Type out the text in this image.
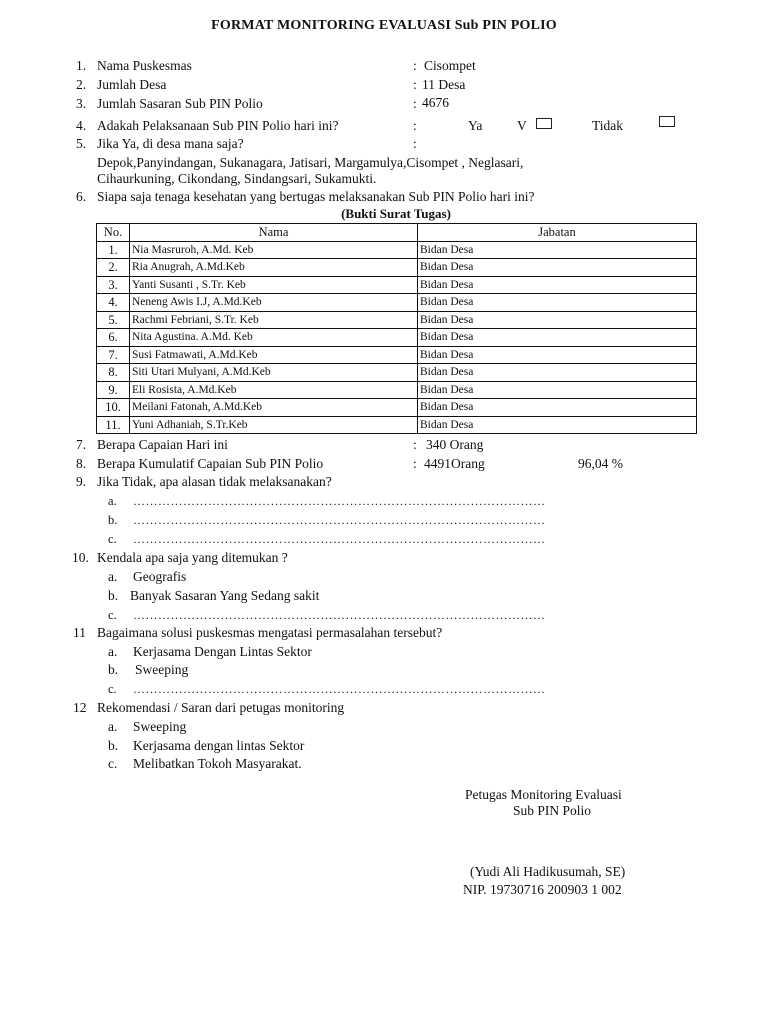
FORMAT MONITORING EVALUASI Sub PIN POLIO
1. Nama Puskesmas	: Cisompet
2. Jumlah Desa	: 11 Desa
3. Jumlah Sasaran Sub PIN Polio	: 4676
4. Adakah Pelaksanaan Sub PIN Polio hari ini?	:	Ya	V	Tidak
5. Jika Ya, di desa mana saja?	:
Depok,Panyindangan, Sukanagara, Jatisari, Margamulya,Cisompet , Neglasari,
Cihaurkuning, Cikondang, Sindangsari, Sukamukti.
6. Siapa saja tenaga kesehatan yang bertugas melaksanakan Sub PIN Polio hari ini?
(Bukti Surat Tugas)
No.	Nama	Jabatan
1.	Nia Masruroh, A.Md. Keb	Bidan Desa
2.	Ria Anugrah, A.Md.Keb	Bidan Desa
3.	Yanti Susanti , S.Tr. Keb	Bidan Desa
4.	Neneng Awis I.J, A.Md.Keb	Bidan Desa
5.	Rachmi Febriani, S.Tr. Keb	Bidan Desa
6.	Nita Agustina. A.Md. Keb	Bidan Desa
7.	Susi Fatmawati, A.Md.Keb	Bidan Desa
8.	Siti Utari Mulyani, A.Md.Keb	Bidan Desa
9.	Eli Rosista, A.Md.Keb	Bidan Desa
10.	Meilani Fatonah, A.Md.Keb	Bidan Desa
11.	Yuni Adhaniah, S.Tr.Keb	Bidan Desa
7. Berapa Capaian Hari ini	: 340 Orang
8. Berapa Kumulatif Capaian Sub PIN Polio	: 4491Orang	96,04 %
9. Jika Tidak, apa alasan tidak melaksanakan?
a. ………………………………………………………………………………………
b. ………………………………………………………………………………………
c. ………………………………………………………………………………………
10. Kendala apa saja yang ditemukan ?
a. Geografis
b. Banyak Sasaran Yang Sedang sakit
c. ………………………………………………………………………………………
11 Bagaimana solusi puskesmas mengatasi permasalahan tersebut?
a. Kerjasama Dengan Lintas Sektor
b. Sweeping
c. ………………………………………………………………………………………
12 Rekomendasi / Saran dari petugas monitoring
a. Sweeping
b. Kerjasama dengan lintas Sektor
c. Melibatkan Tokoh Masyarakat.
Petugas Monitoring Evaluasi
Sub PIN Polio
(Yudi Ali Hadikusumah, SE)
NIP. 19730716 200903 1 002
